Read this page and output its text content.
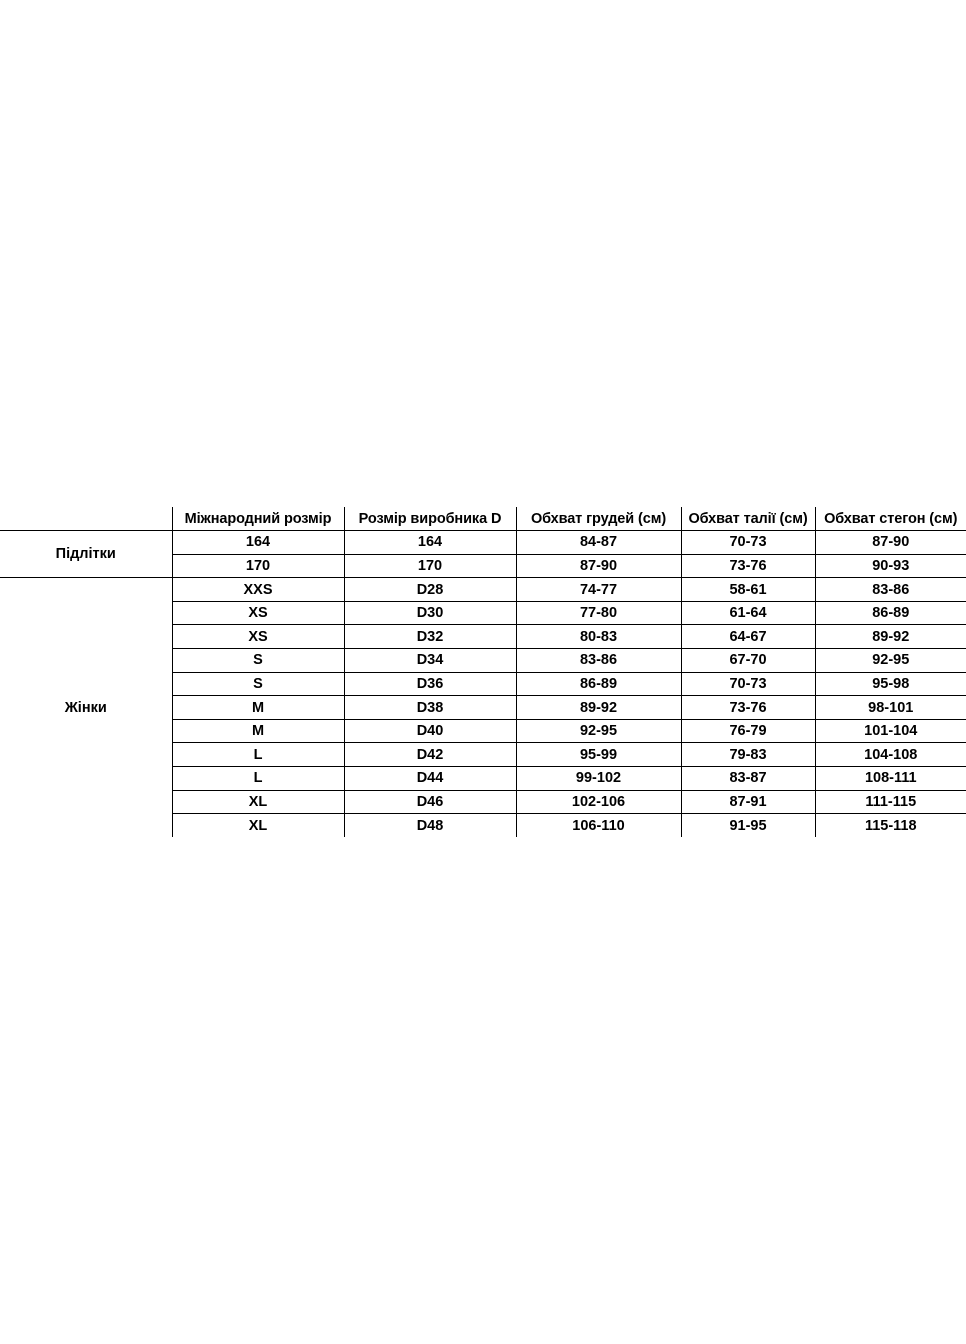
	Міжнародний розмір	Розмір виробника D	Обхват грудей (см)	Обхват талії (см)	Обхват стегон (см)
Підлітки	164	164	84-87	70-73	87-90
	170	170	87-90	73-76	90-93
Жінки	XXS	D28	74-77	58-61	83-86
	XS	D30	77-80	61-64	86-89
	XS	D32	80-83	64-67	89-92
	S	D34	83-86	67-70	92-95
	S	D36	86-89	70-73	95-98
	M	D38	89-92	73-76	98-101
	M	D40	92-95	76-79	101-104
	L	D42	95-99	79-83	104-108
	L	D44	99-102	83-87	108-111
	XL	D46	102-106	87-91	111-115
	XL	D48	106-110	91-95	115-118
